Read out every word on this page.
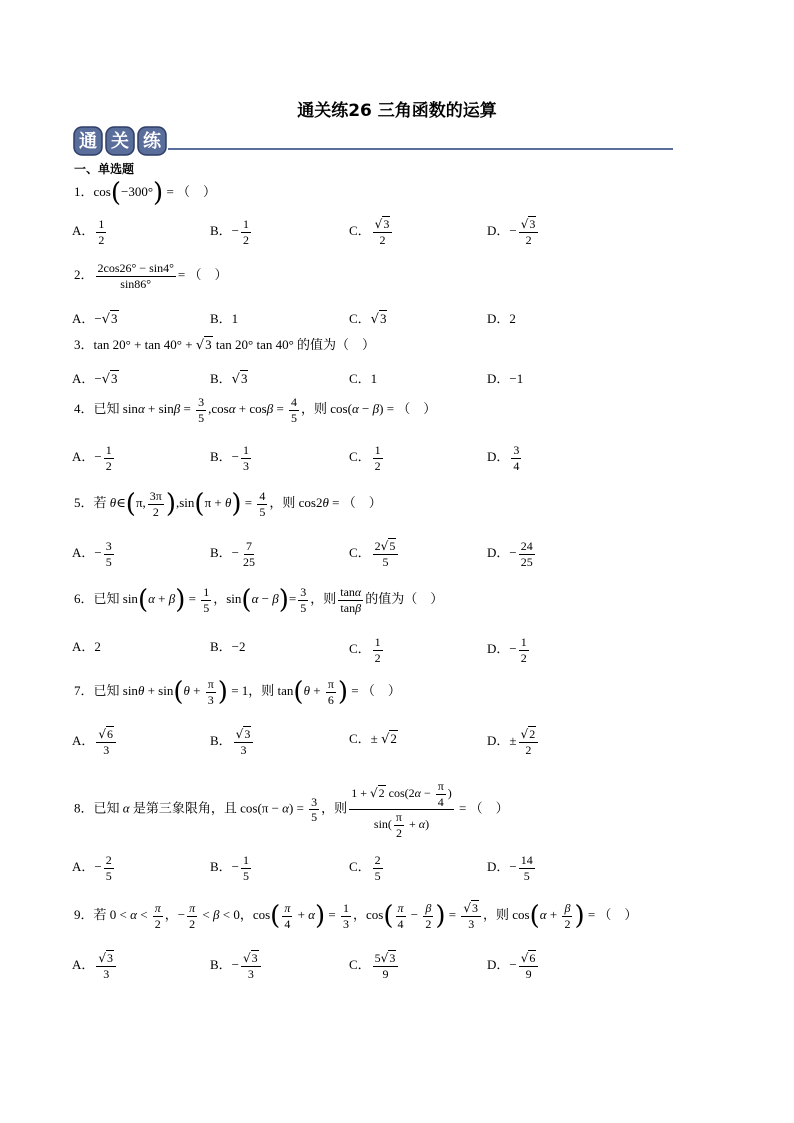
通关练26 三角函数的运算
通 关 练
一、单选题
1．cos(−300°) = （　）
A． $\frac{1}{2}$	B．− $\frac{1}{2}$	C． $\frac{√3}{2}$	D．− $\frac{√3}{2}$
2． $\frac{2\cos 26^\circ - \sin 4^\circ}{\sin 86^\circ}$ = （　）
A．−√3	B．1	C．√3	D．2
3．tan 20° + tan 40° + √3 tan 20° tan 40° 的值为（　）
A．−√3	B．√3	C．1	D．−1
4．已知 $\sin\alpha + \sin\beta = \frac{3}{5} ,\cos\alpha + \cos\beta = \frac{4}{5}$ ，则 cos(α − β) = （　）
A．− $\frac{1}{2}$	B．− $\frac{1}{3}$	C． $\frac{1}{2}$	D． $\frac{3}{4}$
5．若 θ∈(π, $\frac{3\pi}{2} ),\sin(\pi + \theta) = \frac{4}{5}$ ，则 cos2θ = （　）
A．− $\frac{3}{5}$	B．− $\frac{7}{25}$	C． $\frac{2√5}{5}$	D．− $\frac{24}{25}$
6．已知 $\sin(\alpha + \beta) = \frac{1}{5}$ ，$\sin(\alpha - \beta)= \frac{3}{5}$ ，则 $\frac{\tan\alpha}{\tan\beta}$ 的值为（　）
A．2	B．−2	C． $\frac{1}{2}$	D．− $\frac{1}{2}$
7．已知 $\sin\theta + \sin(\theta + \frac{\pi}{3}$ ) = 1，则 $\tan(\theta + \frac{\pi}{6}$ ) = （　）
A． $\frac{√6}{3}$	B． $\frac{√3}{3}$	C．± √2	D．± $\frac{√2}{2}$
8．已知 α 是第三象限角，且 $\cos(\pi - \alpha) = \frac{3}{5}$ ，则 $\frac{1 + √2 \cos(2\alpha - \frac{\pi}{4} )}{\sin( \frac{\pi}{2} + \alpha)}$ = （　）
A．− $\frac{2}{5}$	B．− $\frac{1}{5}$	C． $\frac{2}{5}$	D．− $\frac{14}{5}$
9．若 $0 < \alpha < \frac{\pi}{2}$ ，− $\frac{\pi}{2} < \beta < 0$，$\cos( \frac{\pi}{4} + \alpha) = \frac{1}{3}$ ，$\cos( \frac{\pi}{4} - \frac{\beta}{2}$ ) = $\frac{√3}{3}$ ，则 $\cos(\alpha + \frac{\beta}{2}$ ) = （　）
A． $\frac{√3}{3}$	B．− $\frac{√3}{3}$	C． $\frac{5√3}{9}$	D．− $\frac{√6}{9}$
